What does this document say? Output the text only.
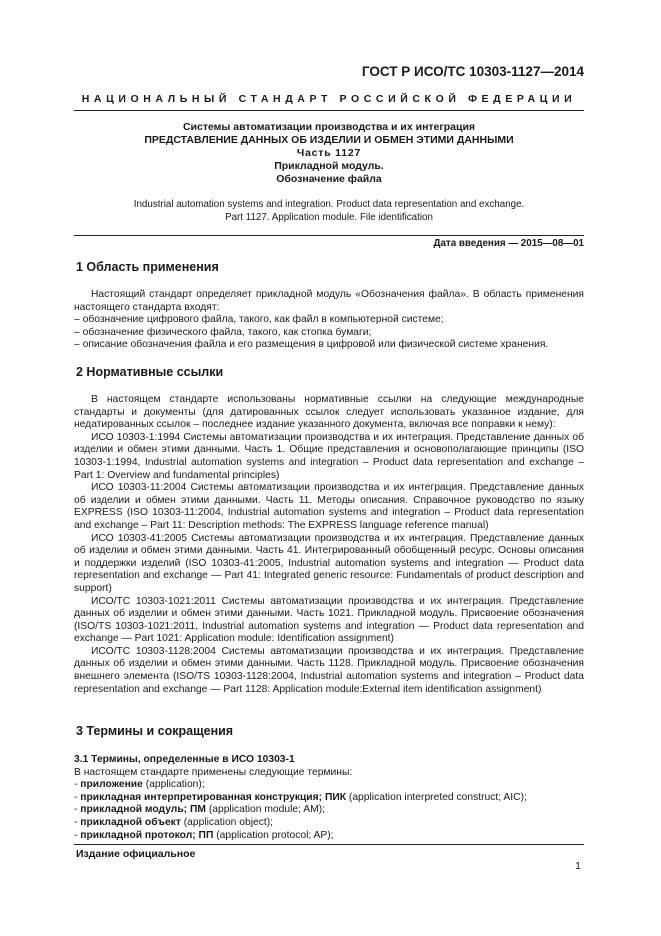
ГОСТ Р ИСО/ТС 10303-1127—2014
НАЦИОНАЛЬНЫЙ СТАНДАРТ РОССИЙСКОЙ ФЕДЕРАЦИИ
Системы автоматизации производства и их интеграция
ПРЕДСТАВЛЕНИЕ ДАННЫХ ОБ ИЗДЕЛИИ И ОБМЕН ЭТИМИ ДАННЫМИ
Часть 1127
Прикладной модуль.
Обозначение файла
Industrial automation systems and integration. Product data representation and exchange.
Part 1127. Application module. File identification
Дата введения — 2015—08—01
1 Область применения

Настоящий стандарт определяет прикладной модуль «Обозначения файла». В область применения настоящего стандарта входят:

– обозначение цифрового файла, такого, как файл в компьютерной системе;

– обозначение физического файла, такого, как стопка бумаги;

– описание обозначения файла и его размещения в цифровой или физической системе хранения.

2 Нормативные ссылки

В настоящем стандарте использованы нормативные ссылки на следующие международные стандарты и документы (для датированных ссылок следует использовать указанное издание, для недатированных ссылок – последнее издание указанного документа, включая все поправки к нему):

ИСО 10303-1:1994 Системы автоматизации производства и их интеграция. Представление данных об изделии и обмен этими данными. Часть 1. Общие представления и основополагающие принципы (ISO 10303-1:1994, Industrial automation systems and integration – Product data representation and exchange – Part 1: Overview and fundamental principles)

ИСО 10303-11:2004 Системы автоматизации производства и их интеграция. Представление данных об изделии и обмен этими данными. Часть 11. Методы описания. Справочное руководство по языку EXPRESS (ISO 10303-11:2004, Industrial automation systems and integration – Product data representation and exchange – Part 11: Description methods: The EXPRESS language reference manual)

ИСО 10303-41:2005 Системы автоматизации производства и их интеграция. Представление данных об изделии и обмен этими данными. Часть 41. Интегрированный обобщенный ресурс. Основы описания и поддержки изделий (ISO 10303-41:2005, Industrial automation systems and integration — Product data representation and exchange — Part 41: Integrated generic resource: Fundamentals of product description and support)

ИСО/ТС 10303-1021:2011 Системы автоматизации производства и их интеграция. Представление данных об изделии и обмен этими данными. Часть 1021. Прикладной модуль. Присвоение обозначения (ISO/TS 10303-1021:2011, Industrial automation systems and integration — Product data representation and exchange — Part 1021: Application module: Identification assignment)

ИСО/ТС 10303-1128:2004 Системы автоматизации производства и их интеграция. Представление данных об изделии и обмен этими данными. Часть 1128. Прикладной модуль. Присвоение обозначения внешнего элемента (ISO/TS 10303-1128:2004, Industrial automation systems and integration – Product data representation and exchange — Part 1128: Application module:External item identification assignment)

3 Термины и сокращения

3.1 Термины, определенные в ИСО 10303-1

В настоящем стандарте применены следующие термины:

- приложение (application);

- прикладная интерпретированная конструкция; ПИК (application interpreted construct; AIC);

- прикладной модуль; ПМ (application module; AM);

- прикладной объект (application object);

- прикладной протокол; ПП (application protocol; AP);

Издание официальное
1
